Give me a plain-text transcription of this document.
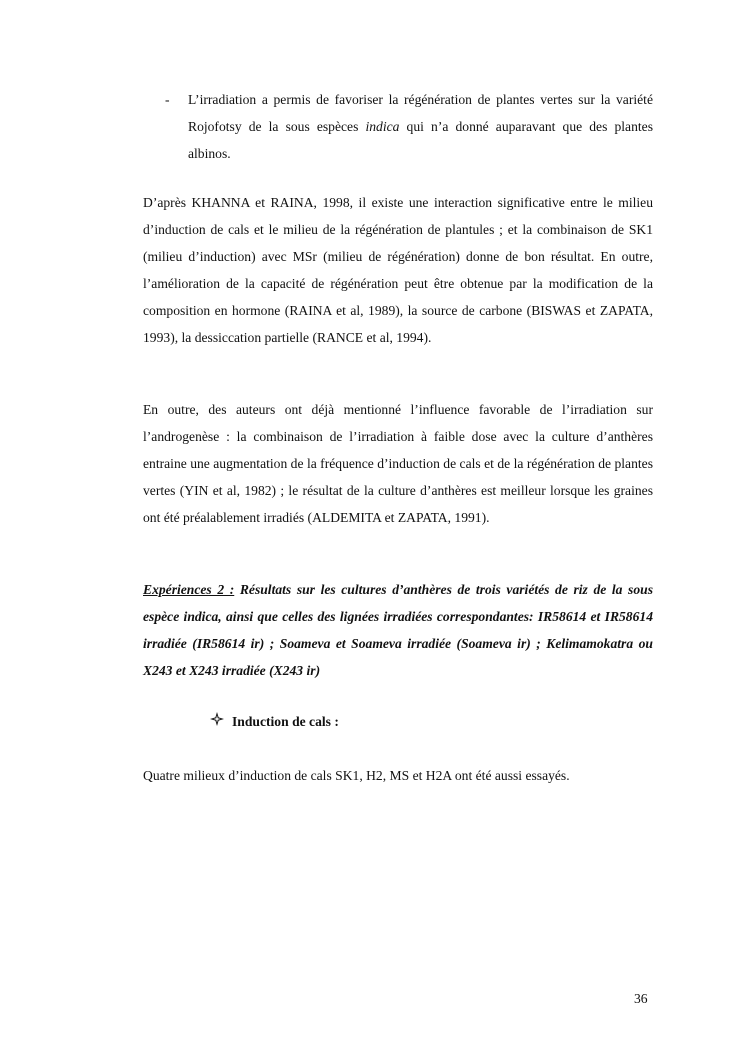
- L’irradiation a permis de favoriser la régénération de plantes vertes sur la variété Rojofotsy de la sous espèces indica qui n’a donné auparavant que des plantes albinos.
D’après KHANNA et RAINA, 1998, il existe une interaction significative entre le milieu d’induction de cals et le milieu de la régénération de plantules ; et la combinaison de SK1 (milieu d’induction) avec MSr (milieu de régénération) donne de bon résultat. En outre, l’amélioration de la capacité de régénération peut être obtenue par la modification de la composition en hormone (RAINA et al, 1989), la source de carbone (BISWAS et ZAPATA, 1993), la dessiccation partielle (RANCE et al, 1994).
En outre, des auteurs ont déjà mentionné l’influence favorable de l’irradiation sur l’androgenèse : la combinaison de l’irradiation à faible dose avec la culture d’anthères entraine une augmentation de la fréquence d’induction de cals et de la régénération de plantes vertes (YIN et al, 1982) ; le résultat de la culture d’anthères est meilleur lorsque les graines ont été préalablement irradiés (ALDEMITA et ZAPATA, 1991).
Expériences 2 : Résultats sur les cultures d’anthères de trois variétés de riz de la sous espèce indica, ainsi que celles des lignées irradiées correspondantes: IR58614 et IR58614 irradiée (IR58614 ir) ; Soameva et Soameva irradiée (Soameva ir) ; Kelimamokatra ou X243 et X243 irradiée (X243 ir)
Induction de cals :
Quatre milieux d’induction de cals SK1, H2, MS et H2A ont été aussi essayés.
36
